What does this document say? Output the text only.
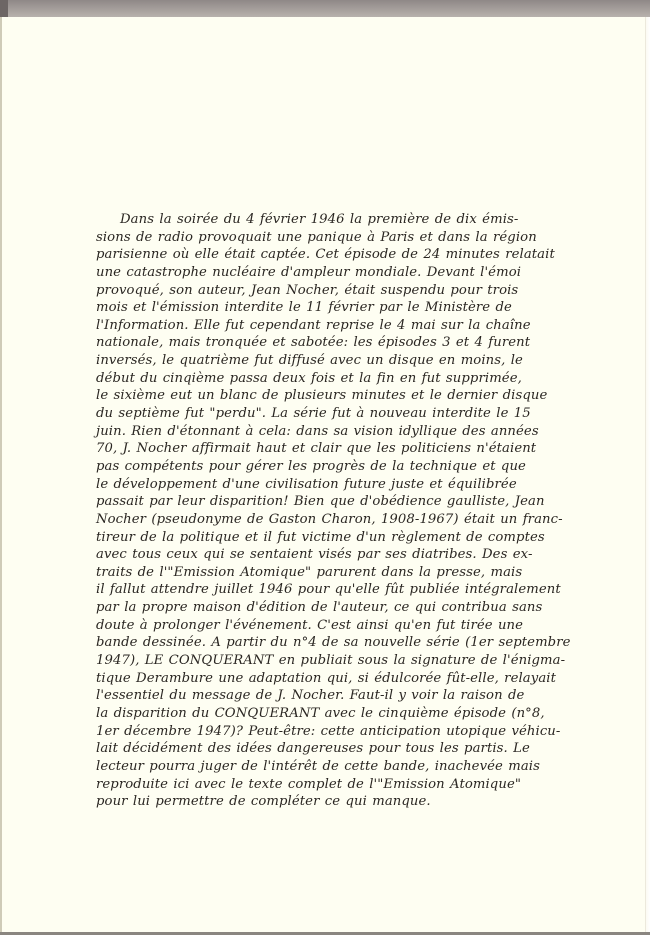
Dans la soirée du 4 février 1946 la première de dix émis-
sions de radio provoquait une panique à Paris et dans la région
parisienne où elle était captée. Cet épisode de 24 minutes relatait
une catastrophe nucléaire d'ampleur mondiale. Devant l'émoi
provoqué, son auteur, Jean Nocher, était suspendu pour trois
mois et l'émission interdite le 11 février par le Ministère de
l'Information. Elle fut cependant reprise le 4 mai sur la chaîne
nationale, mais tronquée et sabotée: les épisodes 3 et 4 furent
inversés, le quatrième fut diffusé avec un disque en moins, le
début du cinqième passa deux fois et la fin en fut supprimée,
le sixième eut un blanc de plusieurs minutes et le dernier disque
du septième fut "perdu". La série fut à nouveau interdite le 15
juin. Rien d'étonnant à cela: dans sa vision idyllique des années
70, J. Nocher affirmait haut et clair que les politiciens n'étaient
pas compétents pour gérer les progrès de la technique et que
le développement d'une civilisation future juste et équilibrée
passait par leur disparition! Bien que d'obédience gaulliste, Jean
Nocher (pseudonyme de Gaston Charon, 1908-1967) était un franc-
tireur de la politique et il fut victime d'un règlement de comptes
avec tous ceux qui se sentaient visés par ses diatribes. Des ex-
traits de l'"Emission Atomique" parurent dans la presse, mais
il fallut attendre juillet 1946 pour qu'elle fût publiée intégralement
par la propre maison d'édition de l'auteur, ce qui contribua sans
doute à prolonger l'événement. C'est ainsi qu'en fut tirée une
bande dessinée. A partir du n°4 de sa nouvelle série (1er septembre
1947), LE CONQUERANT en publiait sous la signature de l'énigma-
tique Derambure une adaptation qui, si édulcorée fût-elle, relayait
l'essentiel du message de J. Nocher. Faut-il y voir la raison de
la disparition du CONQUERANT avec le cinquième épisode (n°8,
1er décembre 1947)? Peut-être: cette anticipation utopique véhicu-
lait décidément des idées dangereuses pour tous les partis. Le
lecteur pourra juger de l'intérêt de cette bande, inachevée mais
reproduite ici avec le texte complet de l'"Emission Atomique"
pour lui permettre de compléter ce qui manque.
